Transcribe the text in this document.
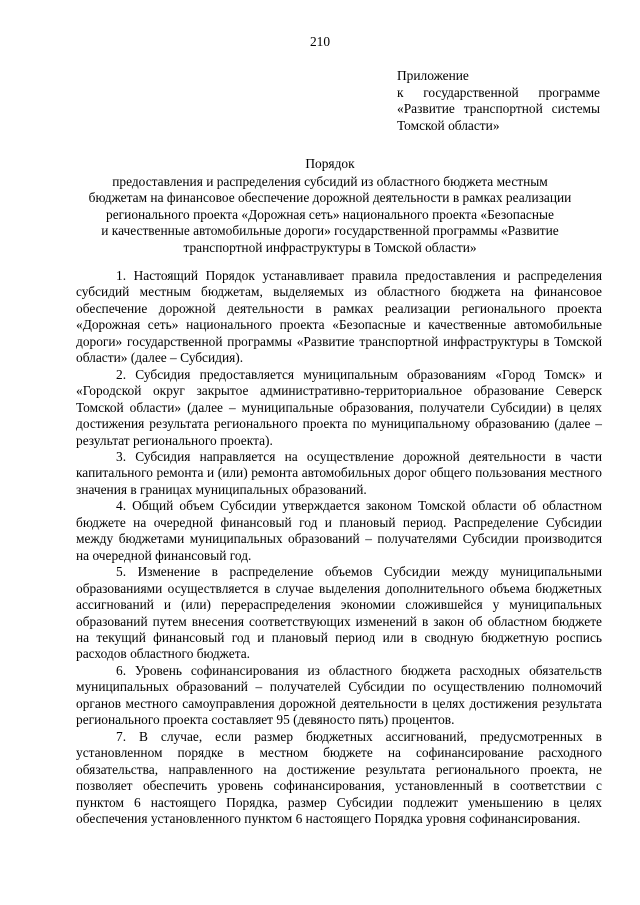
210
Приложение
к государственной программе
«Развитие транспортной системы
Томской области»
Порядок
предоставления и распределения субсидий из областного бюджета местным
бюджетам на финансовое обеспечение дорожной деятельности в рамках реализации
регионального проекта «Дорожная сеть» национального проекта «Безопасные
и качественные автомобильные дороги» государственной программы «Развитие
транспортной инфраструктуры в Томской области»

1. Настоящий Порядок устанавливает правила предоставления и распределения субсидий местным бюджетам, выделяемых из областного бюджета на финансовое обеспечение дорожной деятельности в рамках реализации регионального проекта «Дорожная сеть» национального проекта «Безопасные и качественные автомобильные дороги» государственной программы «Развитие транспортной инфраструктуры в Томской области» (далее – Субсидия).

2. Субсидия предоставляется муниципальным образованиям «Город Томск» и «Городской округ закрытое административно-территориальное образование Северск Томской области» (далее – муниципальные образования, получатели Субсидии) в целях достижения результата регионального проекта по муниципальному образованию (далее – результат регионального проекта).

3. Субсидия направляется на осуществление дорожной деятельности в части капитального ремонта и (или) ремонта автомобильных дорог общего пользования местного значения в границах муниципальных образований.

4. Общий объем Субсидии утверждается законом Томской области об областном бюджете на очередной финансовый год и плановый период. Распределение Субсидии между бюджетами муниципальных образований – получателями Субсидии производится на очередной финансовый год.

5. Изменение в распределение объемов Субсидии между муниципальными образованиями осуществляется в случае выделения дополнительного объема бюджетных ассигнований и (или) перераспределения экономии сложившейся у муниципальных образований путем внесения соответствующих изменений в закон об областном бюджете на текущий финансовый год и плановый период или в сводную бюджетную роспись расходов областного бюджета.

6. Уровень софинансирования из областного бюджета расходных обязательств муниципальных образований – получателей Субсидии по осуществлению полномочий органов местного самоуправления дорожной деятельности в целях достижения результата регионального проекта составляет 95 (девяносто пять) процентов.

7. В случае, если размер бюджетных ассигнований, предусмотренных в установленном порядке в местном бюджете на софинансирование расходного обязательства, направленного на достижение результата регионального проекта, не позволяет обеспечить уровень софинансирования, установленный в соответствии с пунктом 6 настоящего Порядка, размер Субсидии подлежит уменьшению в целях обеспечения установленного пунктом 6 настоящего Порядка уровня софинансирования.
